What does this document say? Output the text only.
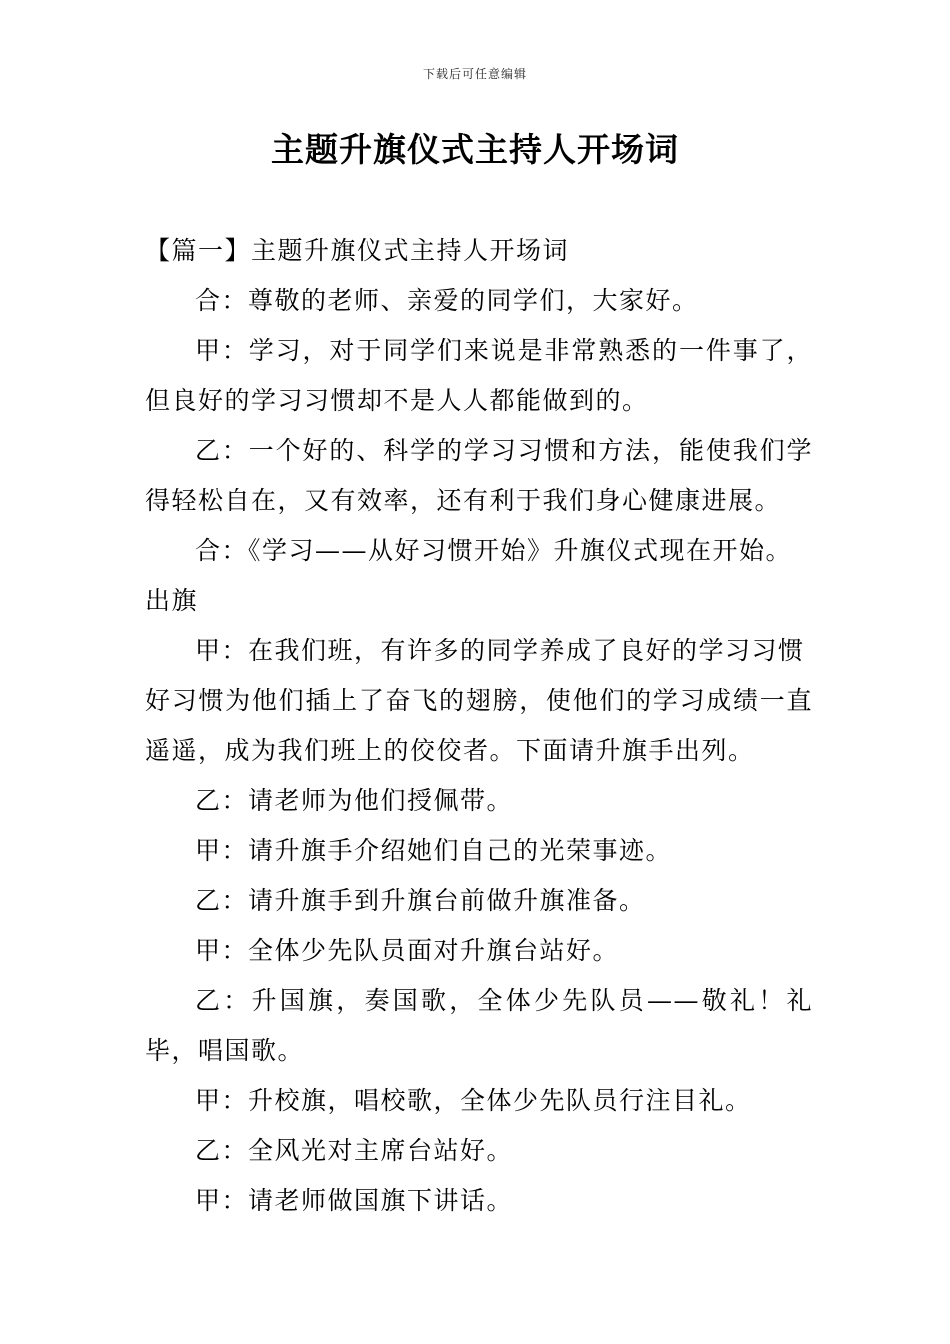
下载后可任意编辑
主题升旗仪式主持人开场词

【篇一】主题升旗仪式主持人开场词

合：尊敬的老师、亲爱的同学们，大家好。

甲：学习，对于同学们来说是非常熟悉的一件事了，但良好的学习习惯却不是人人都能做到的。

乙：一个好的、科学的学习习惯和方法，能使我们学得轻松自在，又有效率，还有利于我们身心健康进展。

合：《学习——从好习惯开始》升旗仪式现在开始。

出旗

甲：在我们班，有许多的同学养成了良好的学习习惯

好习惯为他们插上了奋飞的翅膀，使他们的学习成绩一直遥遥，成为我们班上的佼佼者。下面请升旗手出列。

乙：请老师为他们授佩带。

甲：请升旗手介绍她们自己的光荣事迹。

乙：请升旗手到升旗台前做升旗准备。

甲：全体少先队员面对升旗台站好。

乙：升国旗，奏国歌，全体少先队员——敬礼！礼毕，唱国歌。

甲：升校旗，唱校歌，全体少先队员行注目礼。

乙：全风光对主席台站好。

甲：请老师做国旗下讲话。
